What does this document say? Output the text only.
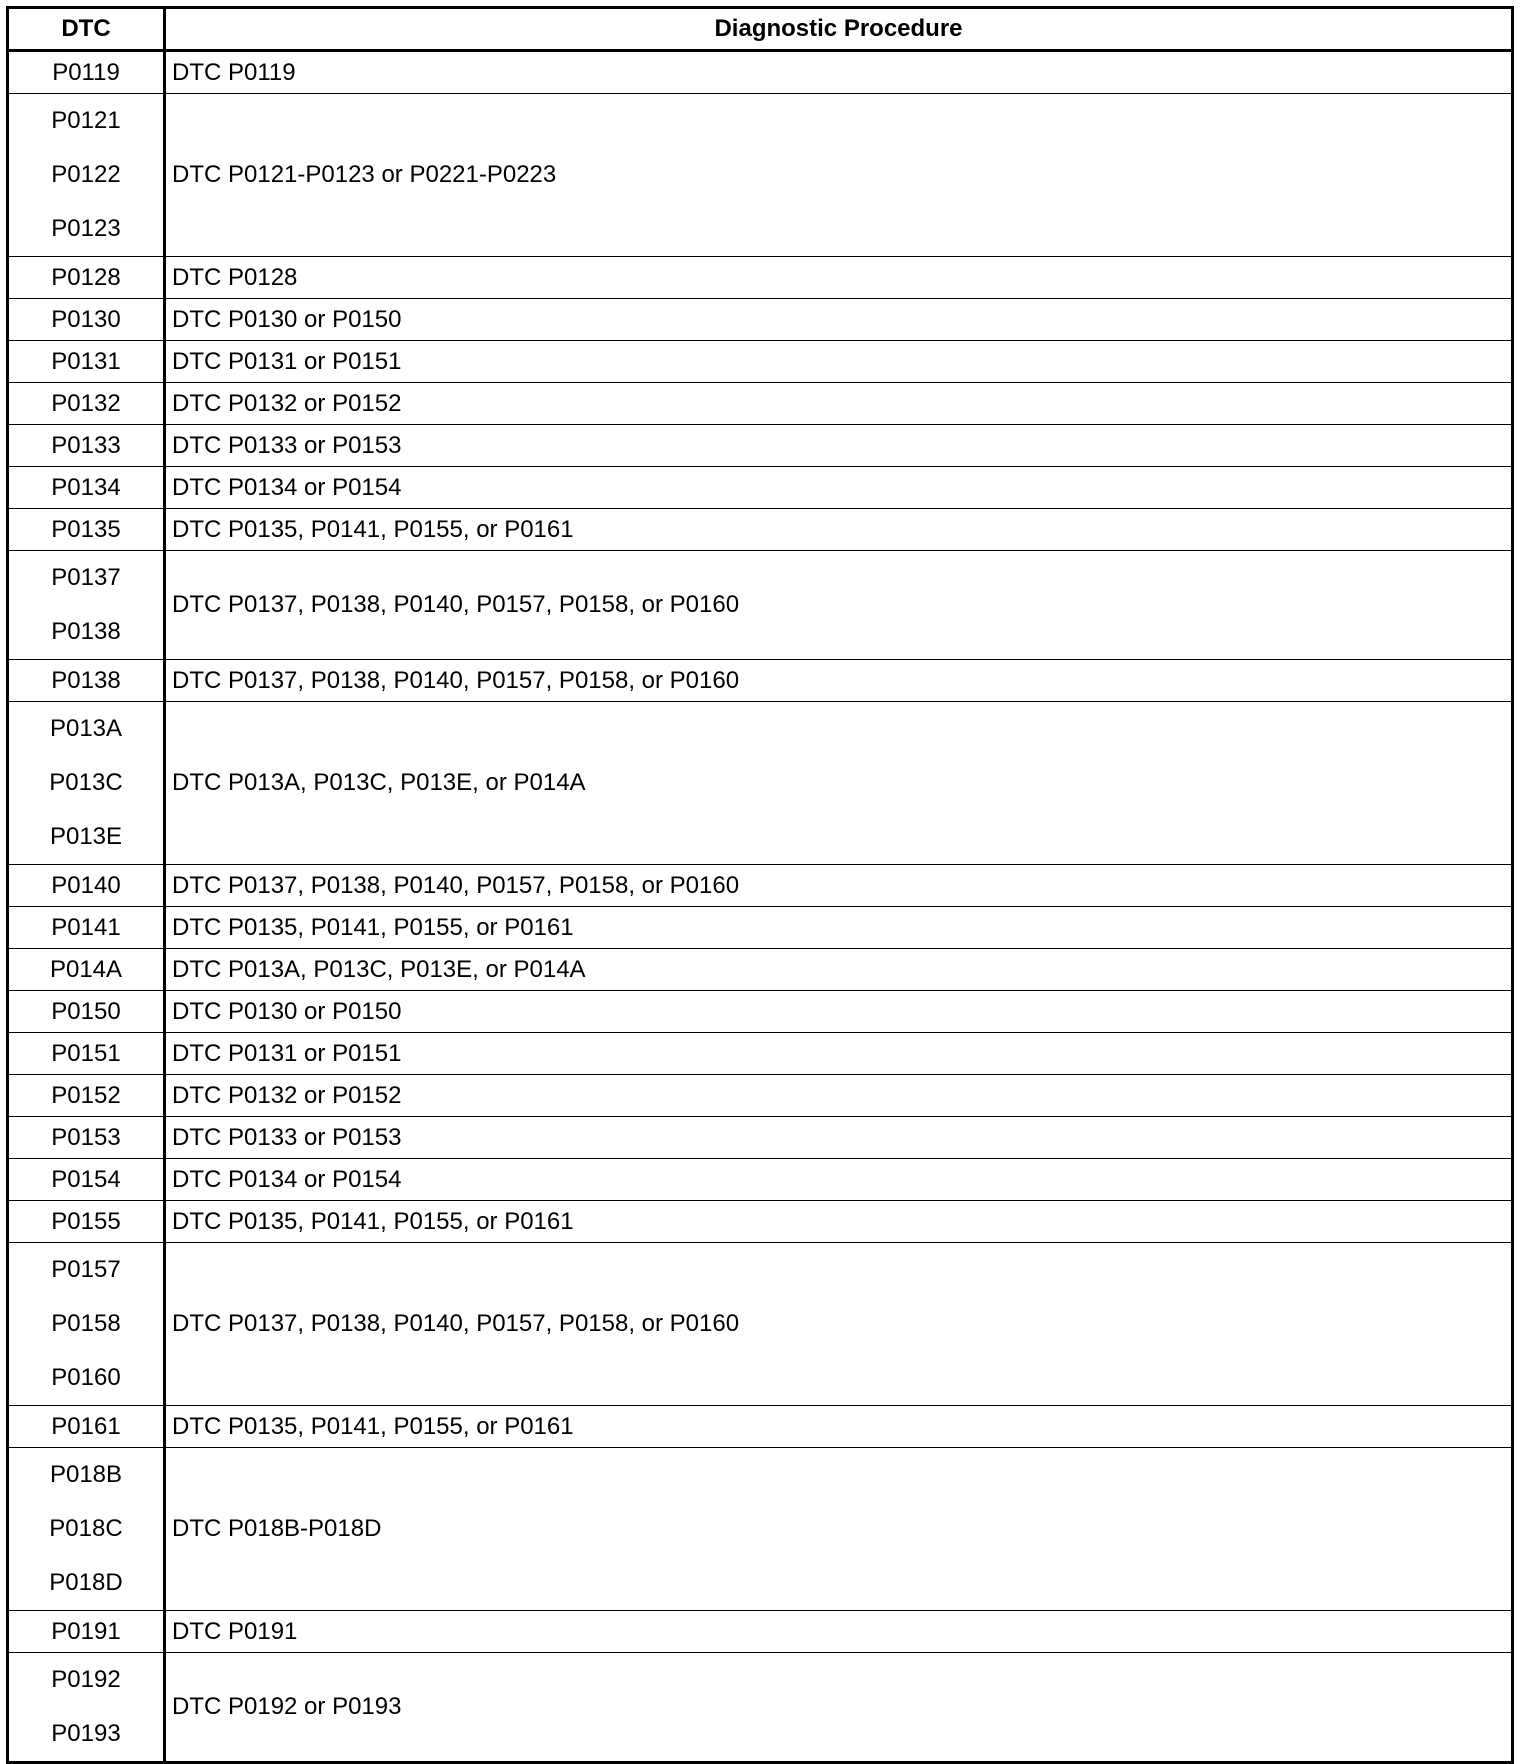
DTC	Diagnostic Procedure

P0119	DTC P0119

P0121
P0122
P0123	DTC P0121-P0123 or P0221-P0223

P0128	DTC P0128

P0130	DTC P0130 or P0150

P0131	DTC P0131 or P0151

P0132	DTC P0132 or P0152

P0133	DTC P0133 or P0153

P0134	DTC P0134 or P0154

P0135	DTC P0135, P0141, P0155, or P0161

P0137
P0138	DTC P0137, P0138, P0140, P0157, P0158, or P0160

P0138	DTC P0137, P0138, P0140, P0157, P0158, or P0160

P013A
P013C
P013E	DTC P013A, P013C, P013E, or P014A

P0140	DTC P0137, P0138, P0140, P0157, P0158, or P0160

P0141	DTC P0135, P0141, P0155, or P0161

P014A	DTC P013A, P013C, P013E, or P014A

P0150	DTC P0130 or P0150

P0151	DTC P0131 or P0151

P0152	DTC P0132 or P0152

P0153	DTC P0133 or P0153

P0154	DTC P0134 or P0154

P0155	DTC P0135, P0141, P0155, or P0161

P0157
P0158
P0160	DTC P0137, P0138, P0140, P0157, P0158, or P0160

P0161	DTC P0135, P0141, P0155, or P0161

P018B
P018C
P018D	DTC P018B-P018D

P0191	DTC P0191

P0192
P0193	DTC P0192 or P0193
